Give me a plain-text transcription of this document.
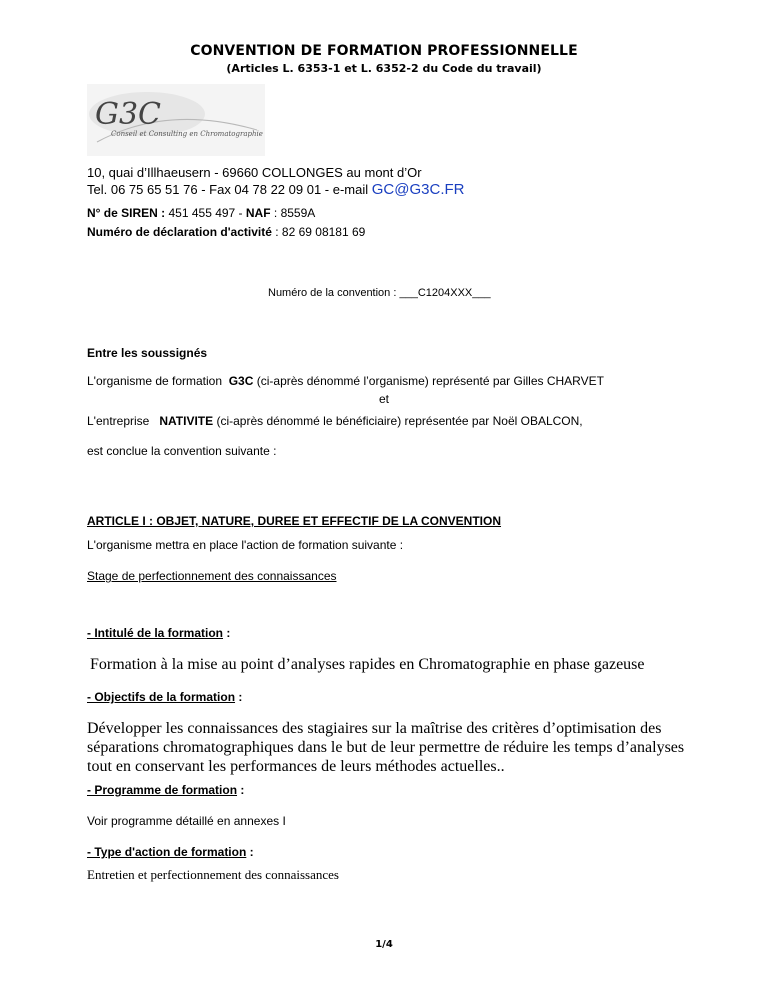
CONVENTION DE FORMATION PROFESSIONNELLE
(Articles L. 6353-1 et L. 6352-2 du Code du travail)
G3C
Conseil et Consulting en Chromatographie
10, quai d’Illhaeusern - 69660 COLLONGES au mont d’Or
Tel. 06 75 65 51 76 - Fax 04 78 22 09 01 - e-mail GC@G3C.FR
N° de SIREN : 451 455 497 - NAF : 8559A
Numéro de déclaration d'activité : 82 69 08181 69
Numéro de la convention : ___C1204XXX___
Entre les soussignés
L'organisme de formation G3C (ci-après dénommé l’organisme) représenté par Gilles CHARVET
et
L'entreprise NATIVITE (ci-après dénommé le bénéficiaire) représentée par Noël OBALCON,
est conclue la convention suivante :
ARTICLE I : OBJET, NATURE, DUREE ET EFFECTIF DE LA CONVENTION
L'organisme mettra en place l'action de formation suivante :
Stage de perfectionnement des connaissances
- Intitulé de la formation :
Formation à la mise au point d’analyses rapides en Chromatographie en phase gazeuse
- Objectifs de la formation :
Développer les connaissances des stagiaires sur la maîtrise des critères d’optimisation des
séparations chromatographiques dans le but de leur permettre de réduire les temps d’analyses
tout en conservant les performances de leurs méthodes actuelles..
- Programme de formation :
Voir programme détaillé en annexes I
- Type d'action de formation :
Entretien et perfectionnement des connaissances
1/4
